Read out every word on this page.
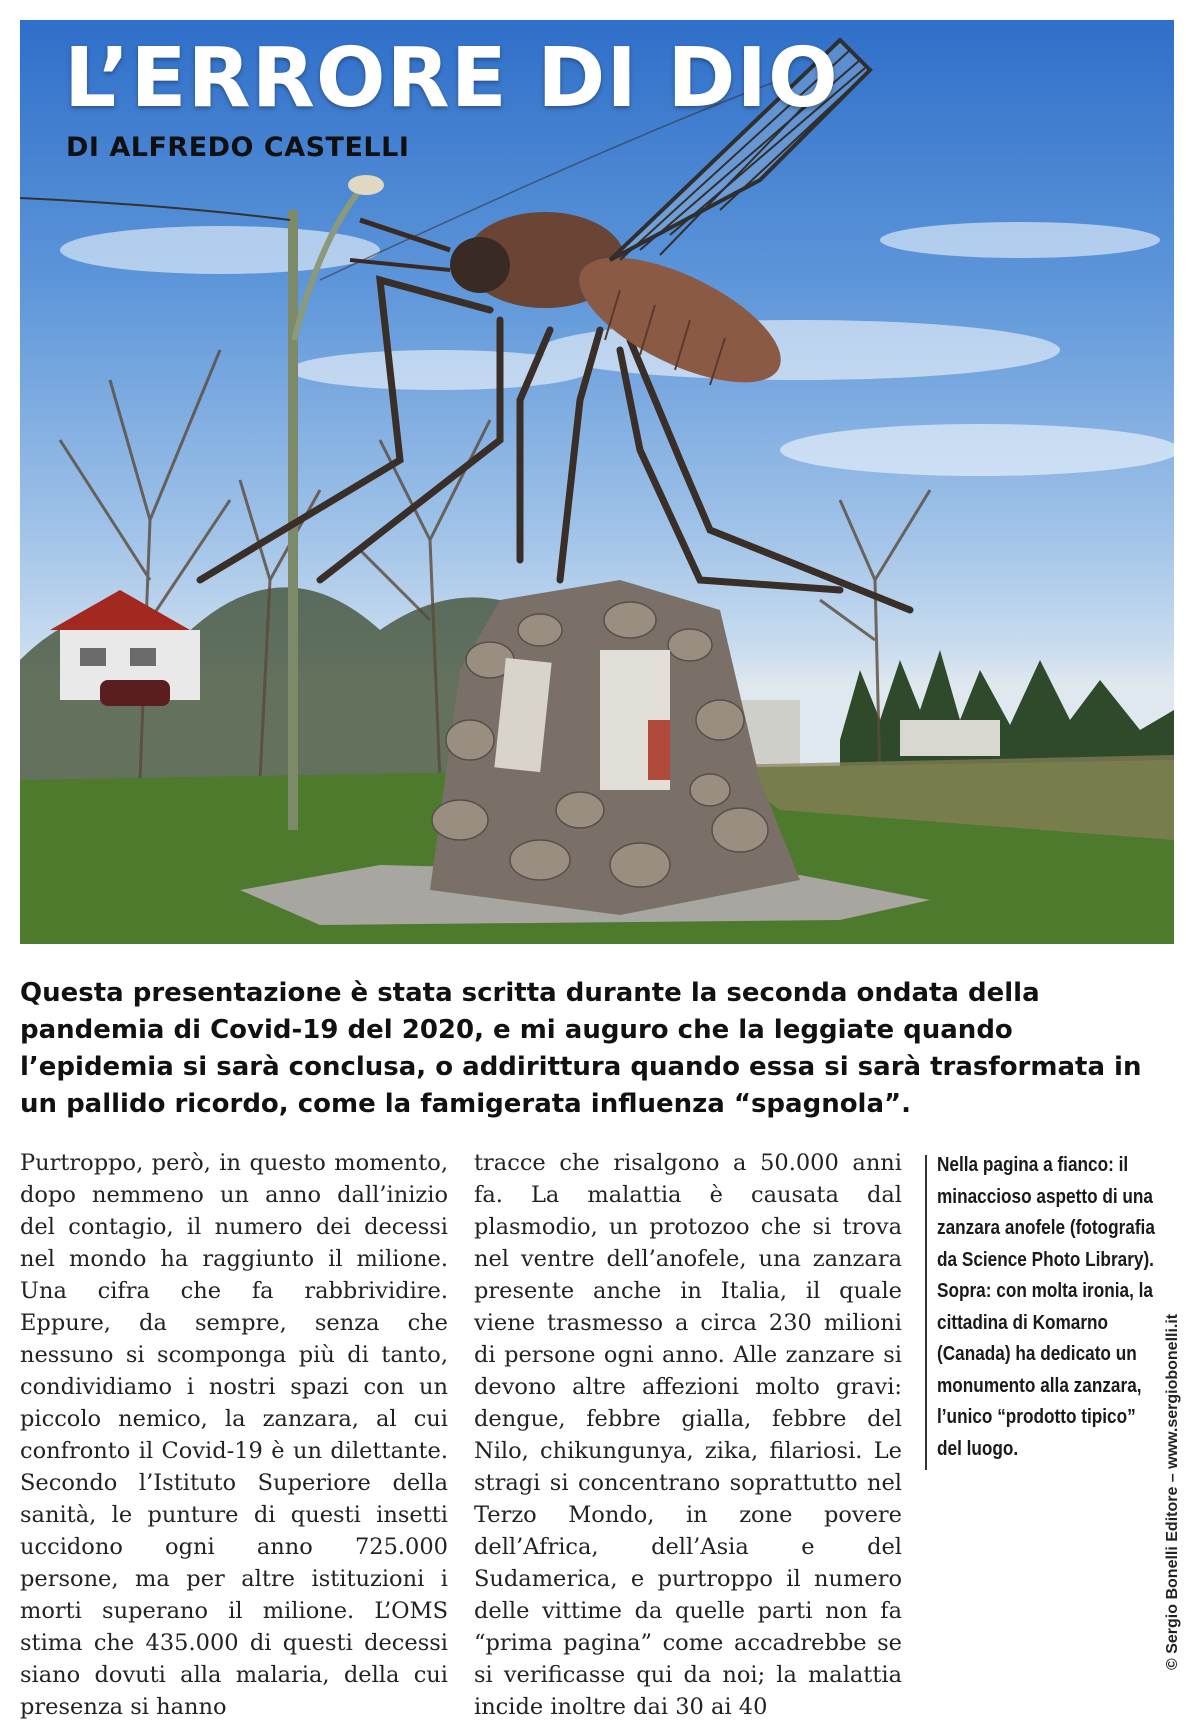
L’ERRORE DI DIO
DI ALFREDO CASTELLI

Questa presentazione è stata scritta durante la seconda ondata della pandemia di Covid-19 del 2020, e mi auguro che la leggiate quando l’epidemia si sarà conclusa, o addirittura quando essa si sarà trasformata in un pallido ricordo, come la famigerata influenza “spagnola”.

Purtroppo, però, in questo momento, dopo nemmeno un anno dall’inizio del contagio, il numero dei decessi nel mondo ha raggiunto il milione. Una cifra che fa rabbrividire. Eppure, da sempre, senza che nessuno si scomponga più di tanto, condividiamo i nostri spazi con un piccolo nemico, la zanzara, al cui confronto il Covid-19 è un dilettante. Secondo l’Istituto Superiore della sanità, le punture di questi insetti uccidono ogni anno 725.000 persone, ma per altre istituzioni i morti superano il milione. L’OMS stima che 435.000 di questi decessi siano dovuti alla malaria, della cui presenza si hanno

tracce che risalgono a 50.000 anni fa. La malattia è causata dal plasmodio, un protozoo che si trova nel ventre dell’anofele, una zanzara presente anche in Italia, il quale viene trasmesso a circa 230 milioni di persone ogni anno. Alle zanzare si devono altre affezioni molto gravi: dengue, febbre gialla, febbre del Nilo, chikungunya, zika, filariosi. Le stragi si concentrano soprattutto nel Terzo Mondo, in zone povere dell’Africa, dell’Asia e del Sudamerica, e purtroppo il numero delle vittime da quelle parti non fa “prima pagina” come accadrebbe se si verificasse qui da noi; la malattia incide inoltre dai 30 ai 40

Nella pagina a fianco: il minaccioso aspetto di una zanzara anofele (fotografia da Science Photo Library). Sopra: con molta ironia, la cittadina di Komarno (Canada) ha dedicato un monumento alla zanzara, l’unico “prodotto tipico” del luogo.	© Sergio Bonelli Editore – www.sergiobonelli.it
